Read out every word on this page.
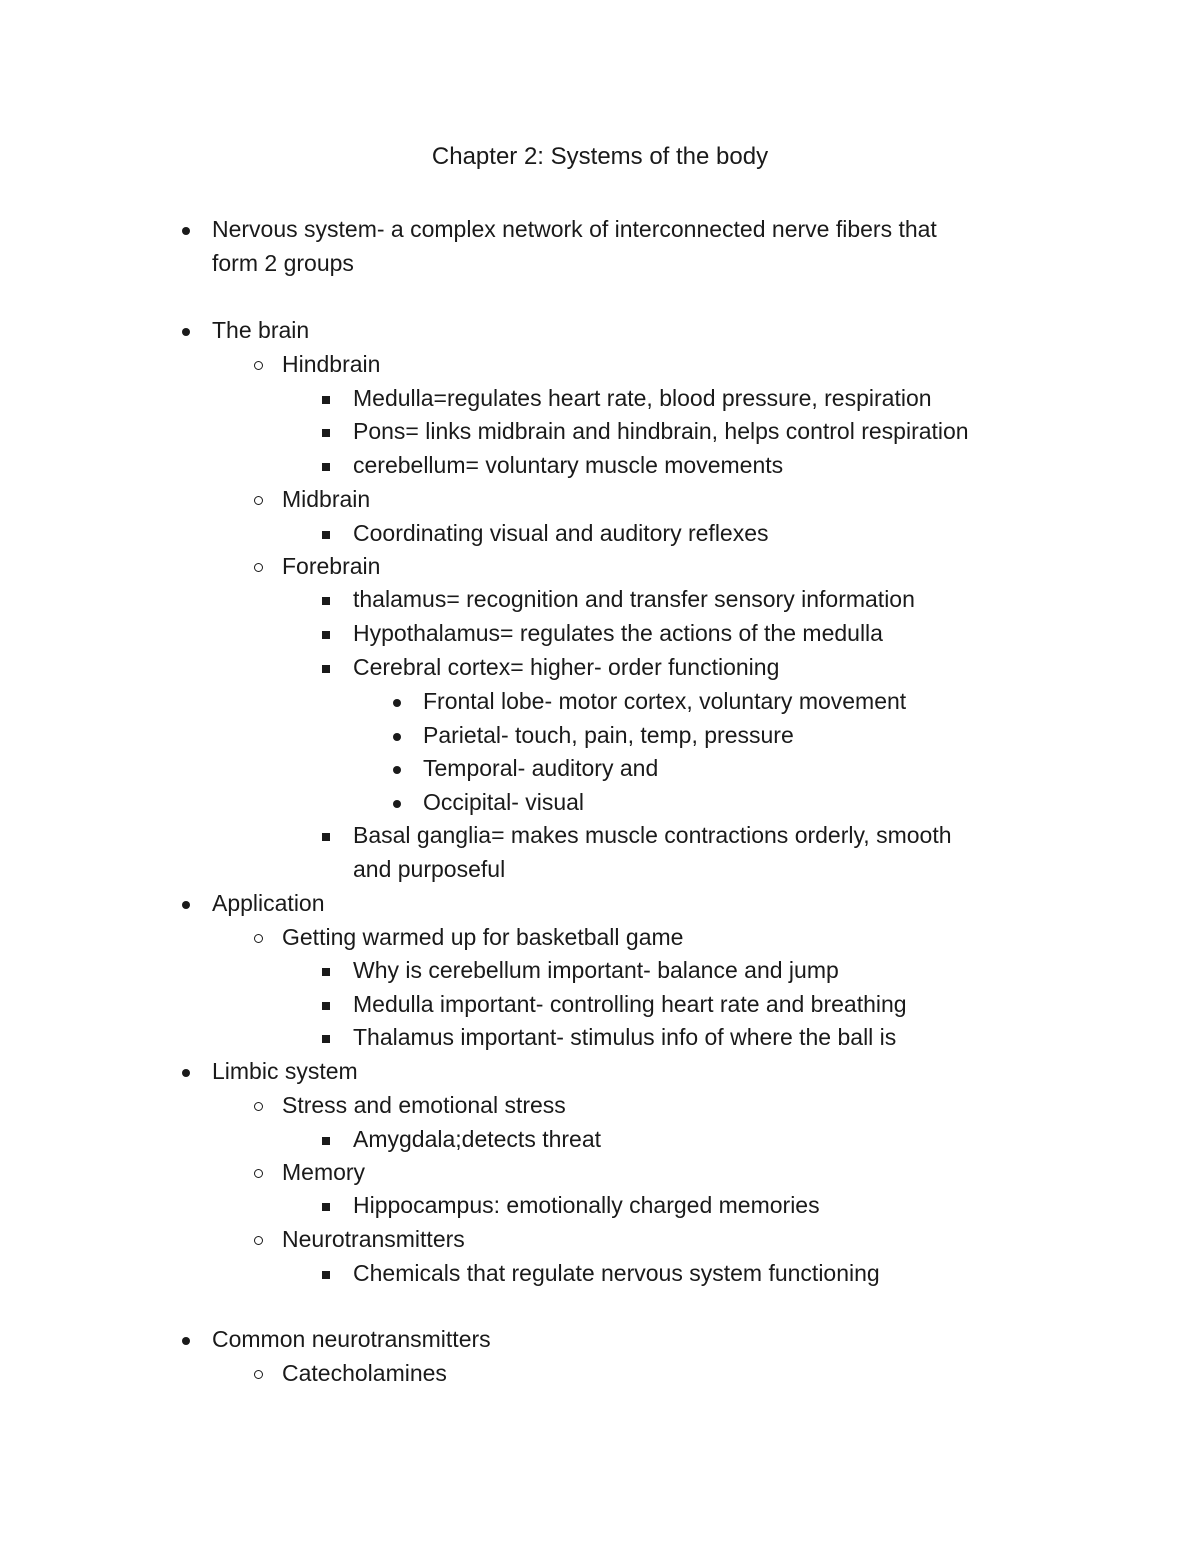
Chapter 2: Systems of the body
Nervous system- a complex network of interconnected nerve fibers that
form 2 groups
The brain
Hindbrain
Medulla=regulates heart rate, blood pressure, respiration
Pons= links midbrain and hindbrain, helps control respiration
cerebellum= voluntary muscle movements
Midbrain
Coordinating visual and auditory reflexes
Forebrain
thalamus= recognition and transfer sensory information
Hypothalamus= regulates the actions of the medulla
Cerebral cortex= higher- order functioning
Frontal lobe- motor cortex, voluntary movement
Parietal- touch, pain, temp, pressure
Temporal- auditory and
Occipital- visual
Basal ganglia= makes muscle contractions orderly, smooth
and purposeful
Application
Getting warmed up for basketball game
Why is cerebellum important- balance and jump
Medulla important- controlling heart rate and breathing
Thalamus important- stimulus info of where the ball is
Limbic system
Stress and emotional stress
Amygdala;detects threat
Memory
Hippocampus: emotionally charged memories
Neurotransmitters
Chemicals that regulate nervous system functioning
Common neurotransmitters
Catecholamines
